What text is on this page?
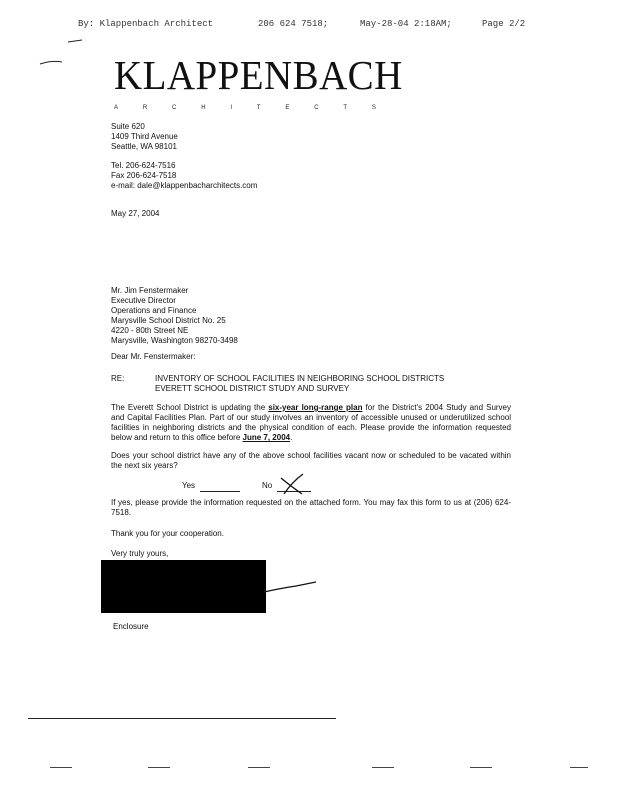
By: Klappenbach Architect	206 624 7518;	May-28-04 2:18AM;	Page 2/2
KLAPPENBACH
A	R	C	H	I	T	E	C	T	S
Suite 620
1409 Third Avenue
Seattle, WA 98101
Tel. 206-624-7516
Fax 206-624-7518
e-mail: dale@klappenbacharchitects.com
May 27, 2004
Mr. Jim Fenstermaker
Executive Director
Operations and Finance
Marysville School District No. 25
4220 - 80th Street NE
Marysville, Washington 98270-3498
Dear Mr. Fenstermaker:
RE:	INVENTORY OF SCHOOL FACILITIES IN NEIGHBORING SCHOOL DISTRICTS
EVERETT SCHOOL DISTRICT STUDY AND SURVEY
The Everett School District is updating the six-year long-range plan for the District's 2004 Study and Survey and Capital Facilities Plan. Part of our study involves an inventory of accessible unused or underutilized school facilities in neighboring districts and the physical condition of each. Please provide the information requested below and return to this office before June 7, 2004.
Does your school district have any of the above school facilities vacant now or scheduled to be vacated within the next six years?
Yes	No
If yes, please provide the information requested on the attached form. You may fax this form to us at (206) 624-7518.
Thank you for your cooperation.
Very truly yours,
Enclosure
